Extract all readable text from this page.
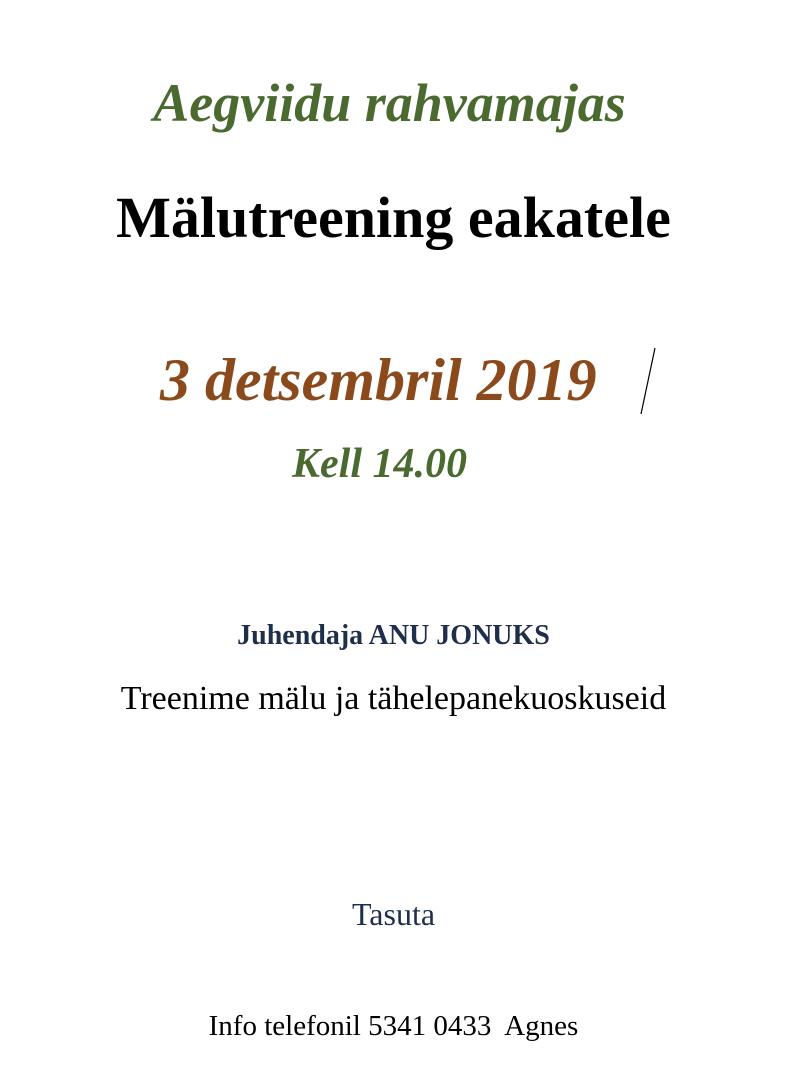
Aegviidu rahvamajas

Mälutreening eakatele

3 detsembril 2019

Kell 14.00

Juhendaja ANU JONUKS

Treenime mälu ja tähelepanekuoskuseid

Tasuta

Info telefonil 5341 0433  Agnes
